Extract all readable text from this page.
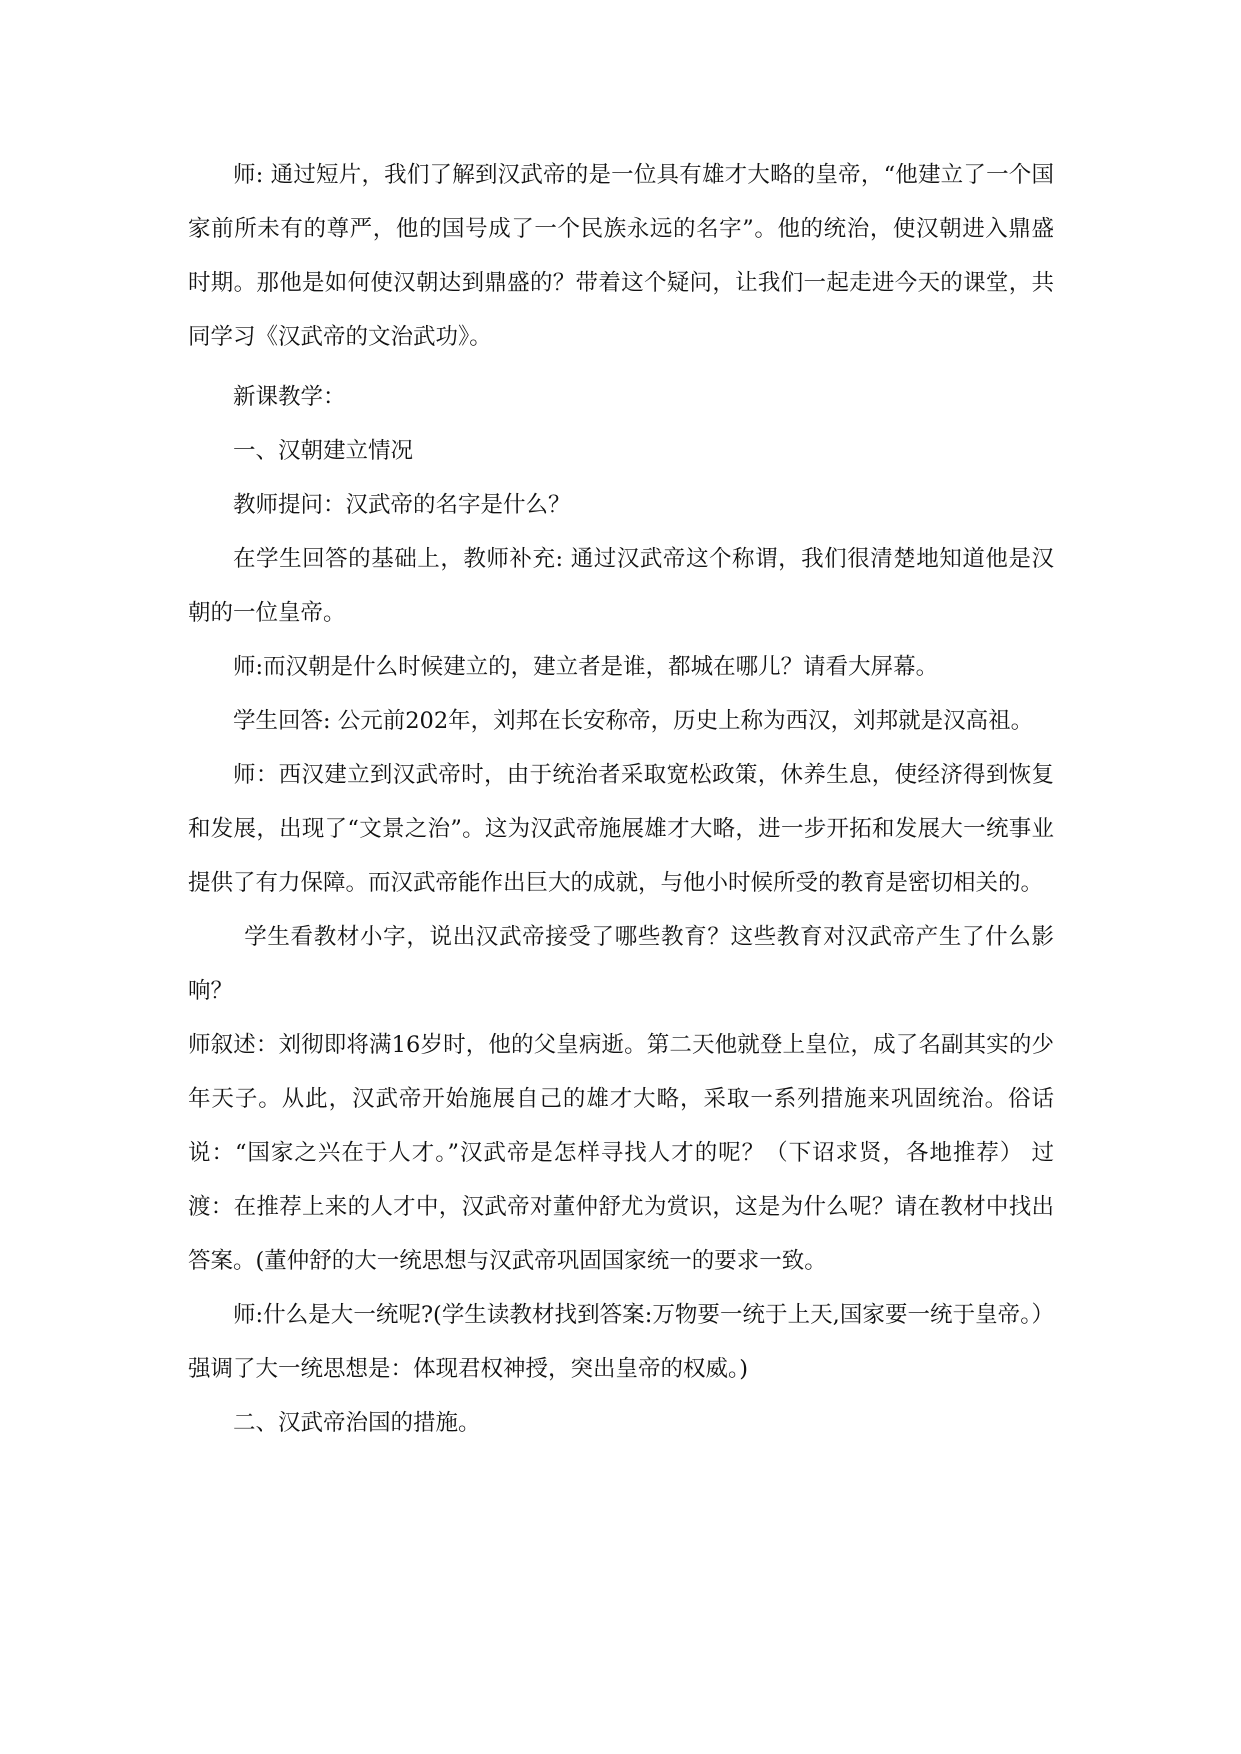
师: 通过短片，我们了解到汉武帝的是一位具有雄才大略的皇帝，“他建立了一个国家前所未有的尊严，他的国号成了一个民族永远的名字”。他的统治，使汉朝进入鼎盛时期。那他是如何使汉朝达到鼎盛的？带着这个疑问，让我们一起走进今天的课堂，共同学习《汉武帝的文治武功》。

新课教学：

一、汉朝建立情况

教师提问：汉武帝的名字是什么？

在学生回答的基础上，教师补充: 通过汉武帝这个称谓，我们很清楚地知道他是汉朝的一位皇帝。

师:而汉朝是什么时候建立的，建立者是谁，都城在哪儿？请看大屏幕。

学生回答: 公元前202年，刘邦在长安称帝，历史上称为西汉，刘邦就是汉高祖。

师：西汉建立到汉武帝时，由于统治者采取宽松政策，休养生息，使经济得到恢复和发展，出现了“文景之治”。这为汉武帝施展雄才大略，进一步开拓和发展大一统事业提供了有力保障。而汉武帝能作出巨大的成就，与他小时候所受的教育是密切相关的。

学生看教材小字，说出汉武帝接受了哪些教育？这些教育对汉武帝产生了什么影响？

师叙述：刘彻即将满16岁时，他的父皇病逝。第二天他就登上皇位，成了名副其实的少年天子。从此，汉武帝开始施展自己的雄才大略，采取一系列措施来巩固统治。俗话说：“国家之兴在于人才。”汉武帝是怎样寻找人才的呢？（下诏求贤，各地推荐） 过渡：在推荐上来的人才中，汉武帝对董仲舒尤为赏识，这是为什么呢？请在教材中找出答案。(董仲舒的大一统思想与汉武帝巩固国家统一的要求一致。

师:什么是大一统呢?(学生读教材找到答案:万物要一统于上天,国家要一统于皇帝。）强调了大一统思想是：体现君权神授，突出皇帝的权威。)

二、汉武帝治国的措施。
